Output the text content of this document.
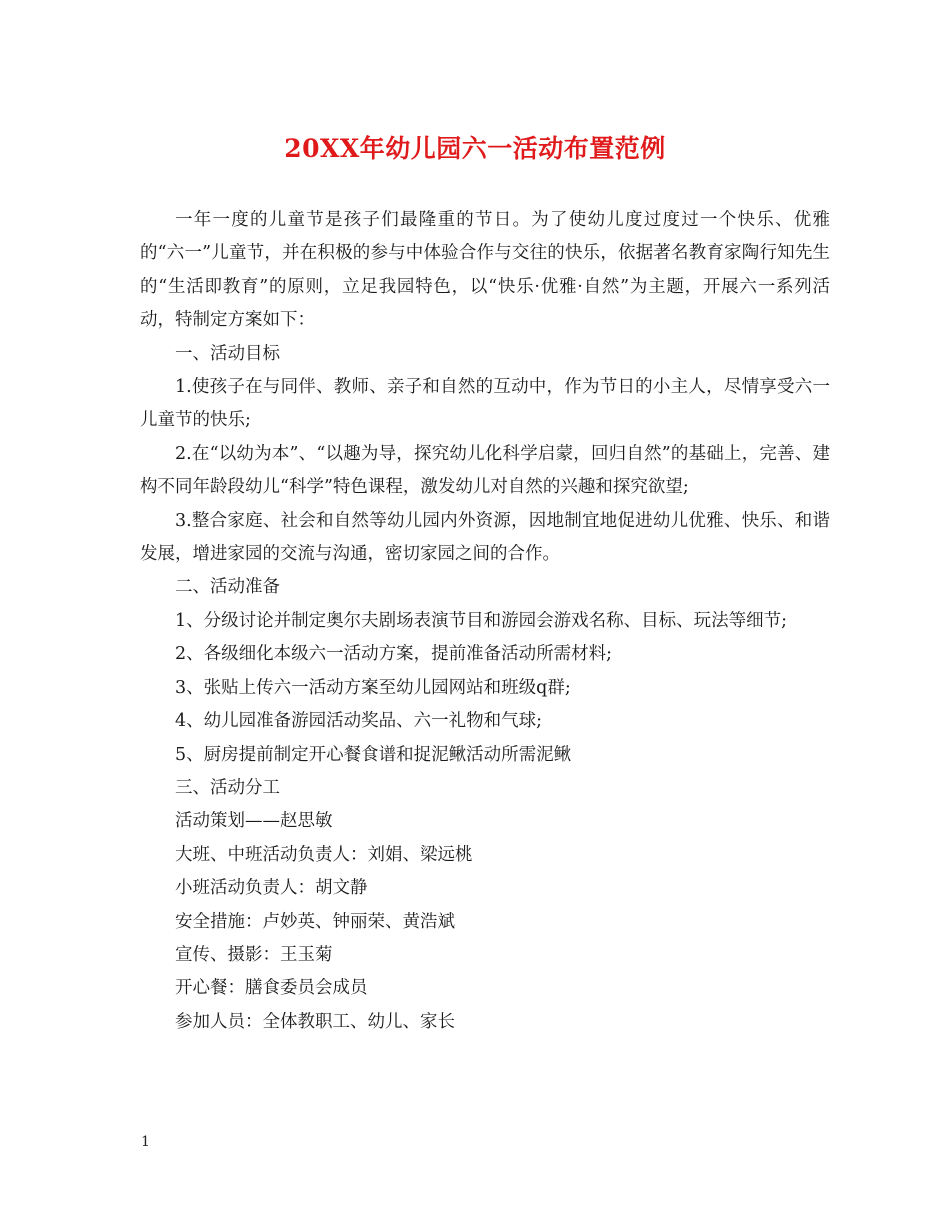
20XX年幼儿园六一活动布置范例

一年一度的儿童节是孩子们最隆重的节日。为了使幼儿度过度过一个快乐、优雅的“六一”儿童节，并在积极的参与中体验合作与交往的快乐，依据著名教育家陶行知先生的“生活即教育”的原则，立足我园特色，以“快乐·优雅·自然”为主题，开展六一系列活动，特制定方案如下：

一、活动目标

1.使孩子在与同伴、教师、亲子和自然的互动中，作为节日的小主人，尽情享受六一儿童节的快乐;

2.在“以幼为本”、“以趣为导，探究幼儿化科学启蒙，回归自然”的基础上，完善、建构不同年龄段幼儿“科学”特色课程，激发幼儿对自然的兴趣和探究欲望;

3.整合家庭、社会和自然等幼儿园内外资源，因地制宜地促进幼儿优雅、快乐、和谐发展，增进家园的交流与沟通，密切家园之间的合作。

二、活动准备

1、分级讨论并制定奥尔夫剧场表演节目和游园会游戏名称、目标、玩法等细节;

2、各级细化本级六一活动方案，提前准备活动所需材料;

3、张贴上传六一活动方案至幼儿园网站和班级q群;

4、幼儿园准备游园活动奖品、六一礼物和气球;

5、厨房提前制定开心餐食谱和捉泥鳅活动所需泥鳅

三、活动分工

活动策划——赵思敏

大班、中班活动负责人：刘娟、梁远桃

小班活动负责人：胡文静

安全措施：卢妙英、钟丽荣、黄浩斌

宣传、摄影：王玉菊

开心餐：膳食委员会成员

参加人员：全体教职工、幼儿、家长

1
